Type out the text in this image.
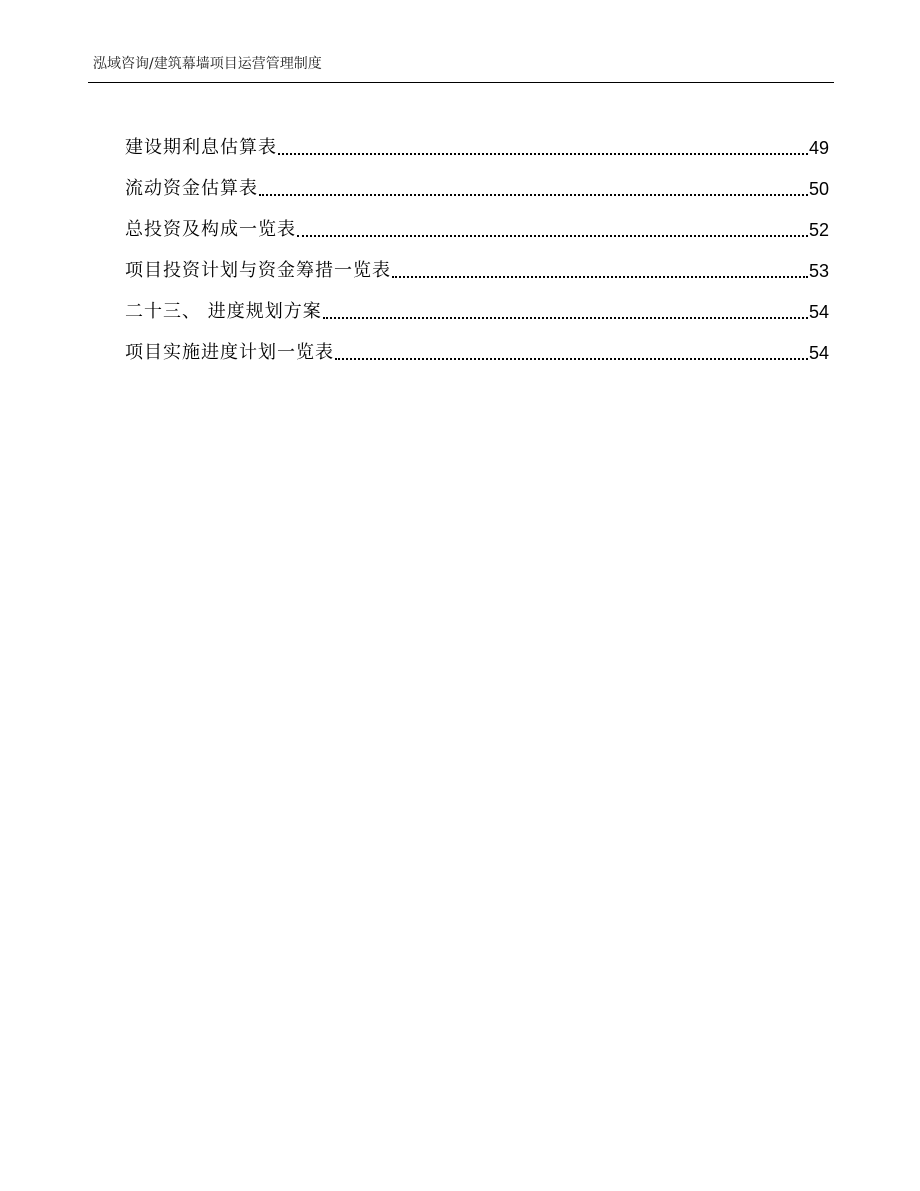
泓域咨询/建筑幕墙项目运营管理制度
建设期利息估算表	49
流动资金估算表	50
总投资及构成一览表	52
项目投资计划与资金筹措一览表	53
二十三、 进度规划方案	54
项目实施进度计划一览表	54
